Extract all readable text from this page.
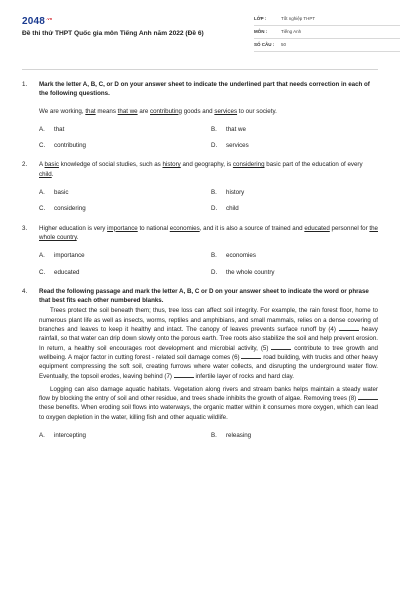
$2048^{.vn}$
Đề thi thử THPT Quốc gia môn Tiếng Anh năm 2022 (Đề 6)
LỚP :	Tốt nghiệp THPT
MÔN :	Tiếng Anh
SỐ CÂU :	50
1. Mark the letter A, B, C, or D on your answer sheet to indicate the underlined part that needs correction in each of the following questions.
We are working, that means that we are contributing goods and services to our society.
A.	that	B.	that we
C.	contributing	D.	services
2. A basic knowledge of social studies, such as history and geography, is considering basic part of the education of every child.
A.	basic	B.	history
C.	considering	D.	child
3. Higher education is very importance to national economies, and it is also a source of trained and educated personnel for the whole country.
A.	importance	B.	economies
C.	educated	D.	the whole country
4. Read the following passage and mark the letter A, B, C or D on your answer sheet to indicate the word or phrase that best fits each other numbered blanks.
Trees protect the soil beneath them; thus, tree loss can affect soil integrity. For example, the rain forest floor, home to numerous plant life as well as insects, worms, reptiles and amphibians, and small mammals, relies on a dense covering of branches and leaves to keep it healthy and intact. The canopy of leaves prevents surface runoff by (4)	heavy rainfall, so that water can drip down slowly onto the porous earth. Tree roots also stabilize the soil and help prevent erosion. In return, a healthy soil encourages root development and microbial activity, (5)	contribute to tree growth and wellbeing. A major factor in cutting forest - related soil damage comes (6)	road building, with trucks and other heavy equipment compressing the soft soil, creating furrows where water collects, and disrupting the underground water flow. Eventually, the topsoil erodes, leaving behind (7)	infertile layer of rocks and hard clay.
Logging can also damage aquatic habitats. Vegetation along rivers and stream banks helps maintain a steady water flow by blocking the entry of soil and other residue, and trees shade inhibits the growth of algae. Removing trees (8)  these benefits. When eroding soil flows into waterways, the organic matter within it consumes more oxygen, which can lead to oxygen depletion in the water, killing fish and other aquatic wildlife.
A.	intercepting	B.	releasing
